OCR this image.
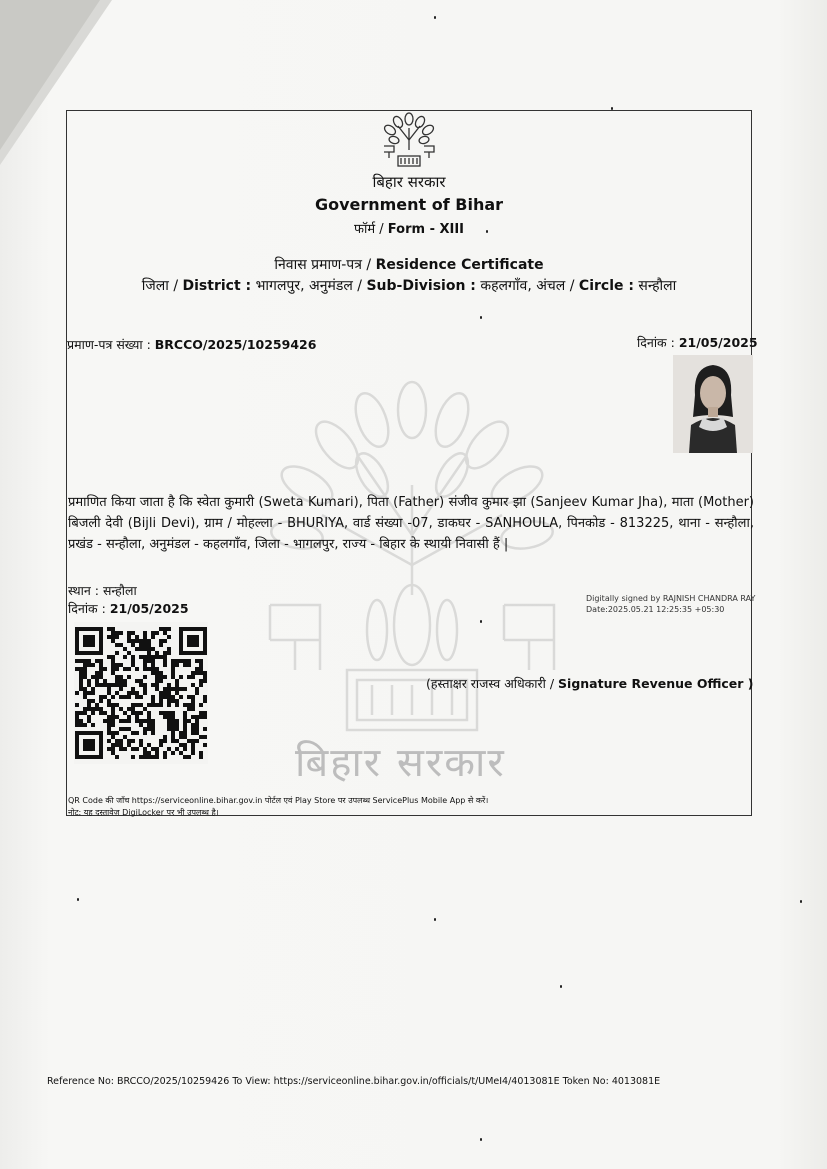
बिहार सरकार
Government of Bihar
फॉर्म / Form - XIII
निवास प्रमाण-पत्र / Residence Certificate
जिला / District : भागलपुर, अनुमंडल / Sub-Division : कहलगाँव, अंचल / Circle : सन्हौला
प्रमाण-पत्र संख्या : BRCCO/2025/10259426	दिनांक : 21/05/2025
बिहार सरकार
प्रमाणित किया जाता है कि स्वेता कुमारी (Sweta Kumari), पिता (Father) संजीव कुमार झा (Sanjeev Kumar Jha), माता (Mother) बिजली देवी (Bijli Devi), ग्राम / मोहल्ला - BHURIYA, वार्ड संख्या -07, डाकघर - SANHOULA, पिनकोड - 813225, थाना - सन्हौला, प्रखंड - सन्हौला, अनुमंडल - कहलगाँव, जिला - भागलपुर, राज्य - बिहार के स्थायी निवासी हैं |
स्थान : सन्हौला
दिनांक : 21/05/2025
Digitally signed by RAJNISH CHANDRA RAY
Date:2025.05.21 12:25:35 +05:30
(हस्ताक्षर राजस्व अधिकारी / Signature Revenue Officer )
QR Code की जाँच https://serviceonline.bihar.gov.in पोर्टल एवं Play Store पर उपलब्ध ServicePlus Mobile App से करें।
नोट: यह दस्तावेज DigiLocker पर भी उपलब्ध है।
Reference No: BRCCO/2025/10259426 To View: https://serviceonline.bihar.gov.in/officials/t/UMeI4/4013081E Token No: 4013081E
